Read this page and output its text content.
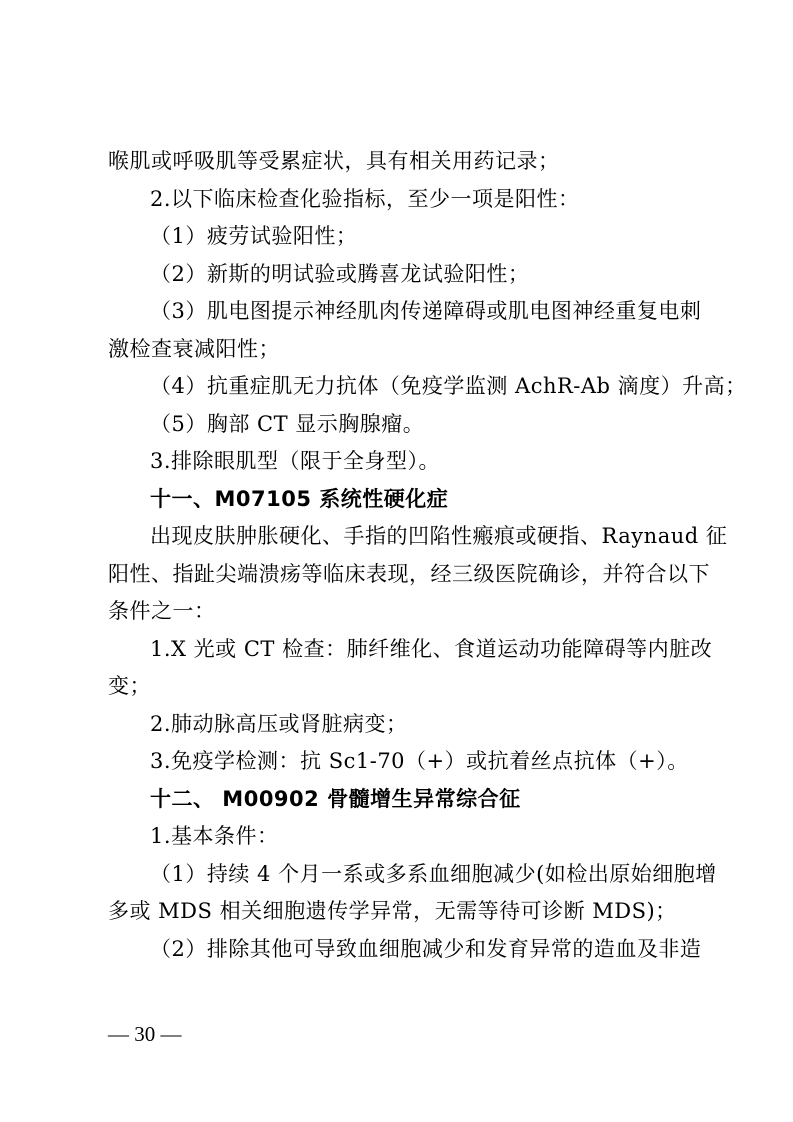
喉肌或呼吸肌等受累症状，具有相关用药记录；
2.以下临床检查化验指标，至少一项是阳性：
（1）疲劳试验阳性；
（2）新斯的明试验或腾喜龙试验阳性；
（3）肌电图提示神经肌肉传递障碍或肌电图神经重复电刺
激检查衰减阳性；
（4）抗重症肌无力抗体（免疫学监测 AchR-Ab 滴度）升高；
（5）胸部 CT 显示胸腺瘤。
3.排除眼肌型（限于全身型）。
十一、M07105 系统性硬化症
出现皮肤肿胀硬化、手指的凹陷性瘢痕或硬指、Raynaud 征
阳性、指趾尖端溃疡等临床表现，经三级医院确诊，并符合以下
条件之一：
1.X 光或 CT 检查：肺纤维化、食道运动功能障碍等内脏改
变；
2.肺动脉高压或肾脏病变；
3.免疫学检测：抗 Sc1-70（+）或抗着丝点抗体（+）。
十二、 M00902 骨髓增生异常综合征
1.基本条件：
（1）持续 4 个月一系或多系血细胞减少(如检出原始细胞增
多或 MDS 相关细胞遗传学异常，无需等待可诊断 MDS)；
（2）排除其他可导致血细胞减少和发育异常的造血及非造
— 30 —
